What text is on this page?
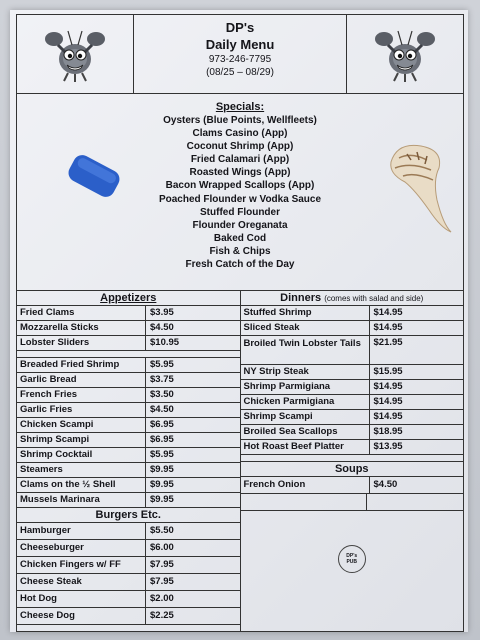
DP's
Daily Menu
973-246-7795
(08/25 – 08/29)
Specials:
Oysters (Blue Points, Wellfleets)
Clams Casino (App)
Coconut Shrimp (App)
Fried Calamari (App)
Roasted Wings (App)
Bacon Wrapped Scallops (App)
Poached Flounder w Vodka Sauce
Stuffed Flounder
Flounder Oreganata
Baked Cod
Fish & Chips
Fresh Catch of the Day
Appetizers
Fried Clams	$3.95
Mozzarella Sticks	$4.50
Lobster Sliders	$10.95
Breaded Fried Shrimp	$5.95
Garlic Bread	$3.75
French Fries	$3.50
Garlic Fries	$4.50
Chicken Scampi	$6.95
Shrimp Scampi	$6.95
Shrimp Cocktail	$5.95
Steamers	$9.95
Clams on the ½ Shell	$9.95
Mussels Marinara	$9.95
Burgers Etc.
Hamburger	$5.50
Cheeseburger	$6.00
Chicken Fingers w/ FF	$7.95
Cheese Steak	$7.95
Hot Dog	$2.00
Cheese Dog	$2.25
Dinners (comes with salad and side)
Stuffed Shrimp	$14.95
Sliced Steak	$14.95
Broiled Twin Lobster Tails	$21.95
NY Strip Steak	$15.95
Shrimp Parmigiana	$14.95
Chicken Parmigiana	$14.95
Shrimp Scampi	$14.95
Broiled Sea Scallops	$18.95
Hot Roast Beef Platter	$13.95
Soups
French Onion	$4.50
DP's
PUB
